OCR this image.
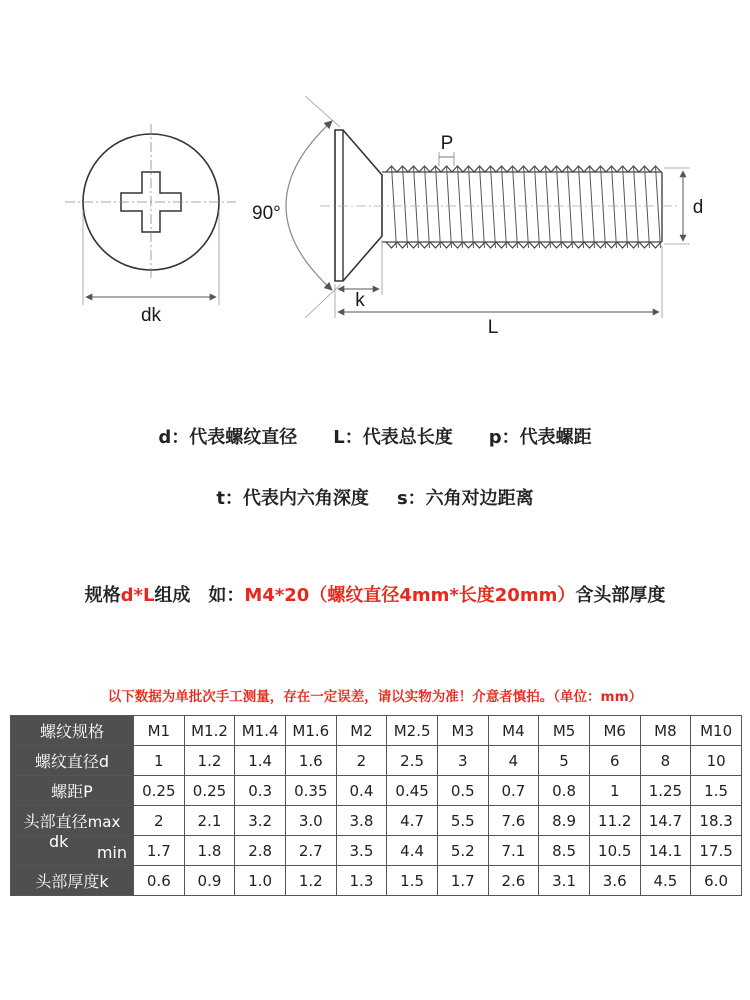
dk
90°
P
d
k
L
d：代表螺纹直径 L：代表总长度 p：代表螺距
t：代表内六角深度 s：六角对边距离
规格d*L组成　如：M4*20（螺纹直径4mm*长度20mm）含头部厚度
以下数据为单批次手工测量，存在一定误差，请以实物为准！介意者慎拍。（单位：mm）
螺纹规格	M1	M1.2	M1.4	M1.6	M2	M2.5	M3	M4	M5	M6	M8	M10
螺纹直径d	1	1.2	1.4	1.6	2	2.5	3	4	5	6	8	10
螺距P	0.25	0.25	0.3	0.35	0.4	0.45	0.5	0.7	0.8	1	1.25	1.5
头部直径max	2	2.1	3.2	3.0	3.8	4.7	5.5	7.6	8.9	11.2	14.7	18.3

dk
min	1.7	1.8	2.8	2.7	3.5	4.4	5.2	7.1	8.5	10.5	14.1	17.5
头部厚度k	0.6	0.9	1.0	1.2	1.3	1.5	1.7	2.6	3.1	3.6	4.5	6.0
